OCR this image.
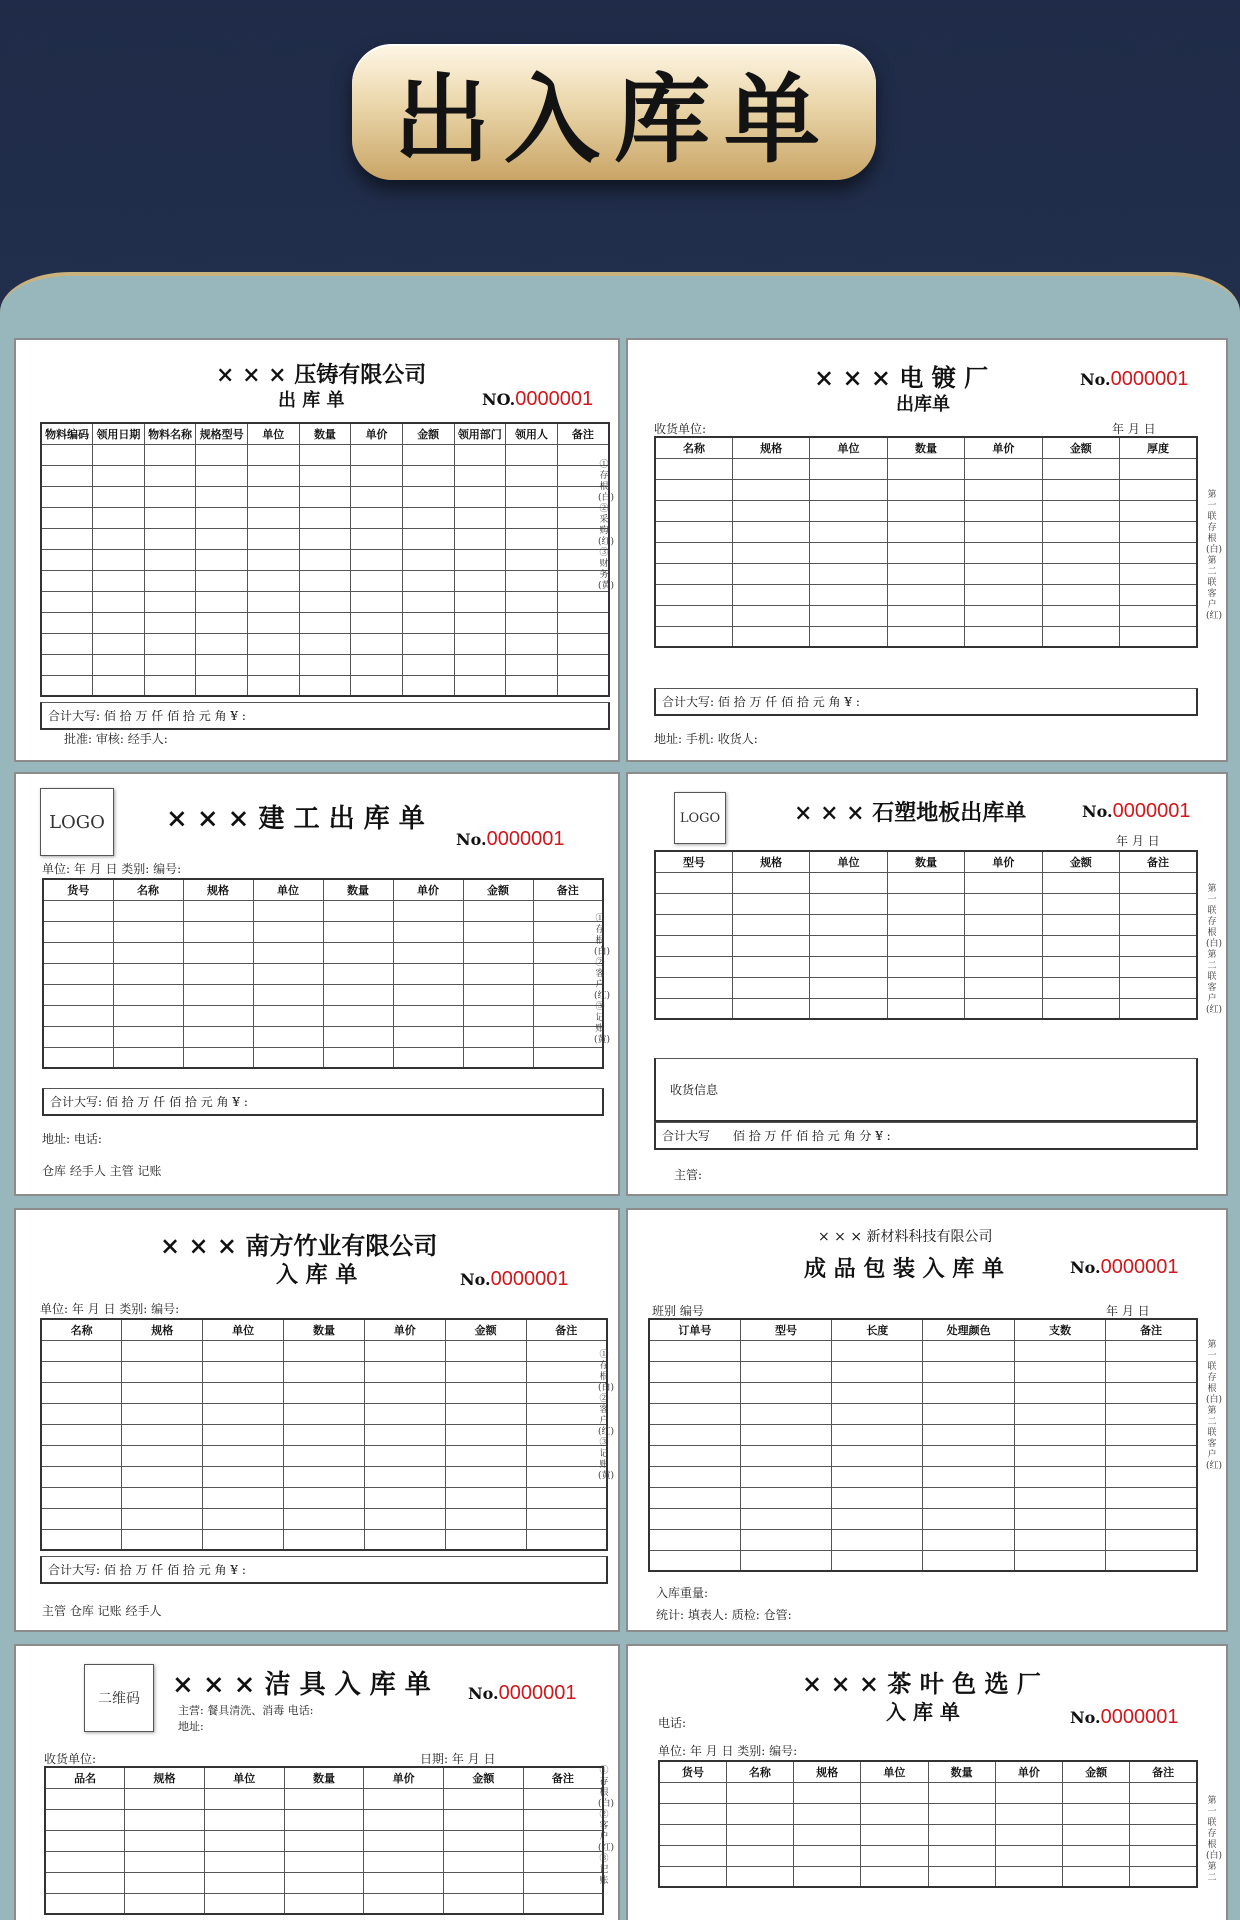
出入库单
× × × 压铸有限公司
出 库 单	NO.0000001
物料编码	领用日期	物料名称	规格型号	单位	数量	单价	金额	领用部门	领用人	备注

合计大写: 佰 拾 万 仟 佰 拾 元 角 ¥ :
批准: 审核: 经手人:
①存根(白) ②采购(红) ③财务(黄)
× × × 电 镀 厂
出库单
No.0000001
收货单位:	年 月 日
名称	规格	单位	数量	单价	金额	厚度

合计大写: 佰 拾 万 仟 佰 拾 元 角 ¥ :
地址: 手机: 收货人:
第一联存根(白) 第二联客户(红)
LOGO	× × × 建 工 出 库 单
No.0000001
单位: 年 月 日 类别: 编号:
货号	名称	规格	单位	数量	单价	金额	备注

合计大写: 佰 拾 万 仟 佰 拾 元 角 ¥ :
地址: 电话:
仓库 经手人 主管 记账
①存根(白) ②客户(红) ③记账(黄)
LOGO	× × × 石塑地板出库单	No.0000001
年 月 日
型号	规格	单位	数量	单价	金额	备注

收货信息
合计大写 佰 拾 万 仟 佰 拾 元 角 分 ¥ :
主管:
第一联存根(白) 第二联客户(红)
× × × 南方竹业有限公司
入 库 单	No.0000001
单位: 年 月 日 类别: 编号:
名称	规格	单位	数量	单价	金额	备注

合计大写: 佰 拾 万 仟 佰 拾 元 角 ¥ :
主管 仓库 记账 经手人
①存根(白) ②客户(红) ③记账(黄)
× × × 新材料科技有限公司
成 品 包 装 入 库 单	No.0000001
班别 编号	年 月 日
订单号	型号	长度	处理颜色	支数	备注

入库重量:
统计: 填表人: 质检: 仓管:
第一联存根(白) 第二联客户(红)
二维码	× × × 洁 具 入 库 单 No.0000001
主营: 餐具清洗、消毒 电话:
地址:
收货单位:	日期: 年 月 日
品名	规格	单位	数量	单价	金额	备注

①存根(白) ②客户(红) ③记账
× × × 茶 叶 色 选 厂
入 库 单	No.0000001
电话:
单位: 年 月 日 类别: 编号:
货号	名称	规格	单位	数量	单价	金额	备注

第一联存根(白) 第二
